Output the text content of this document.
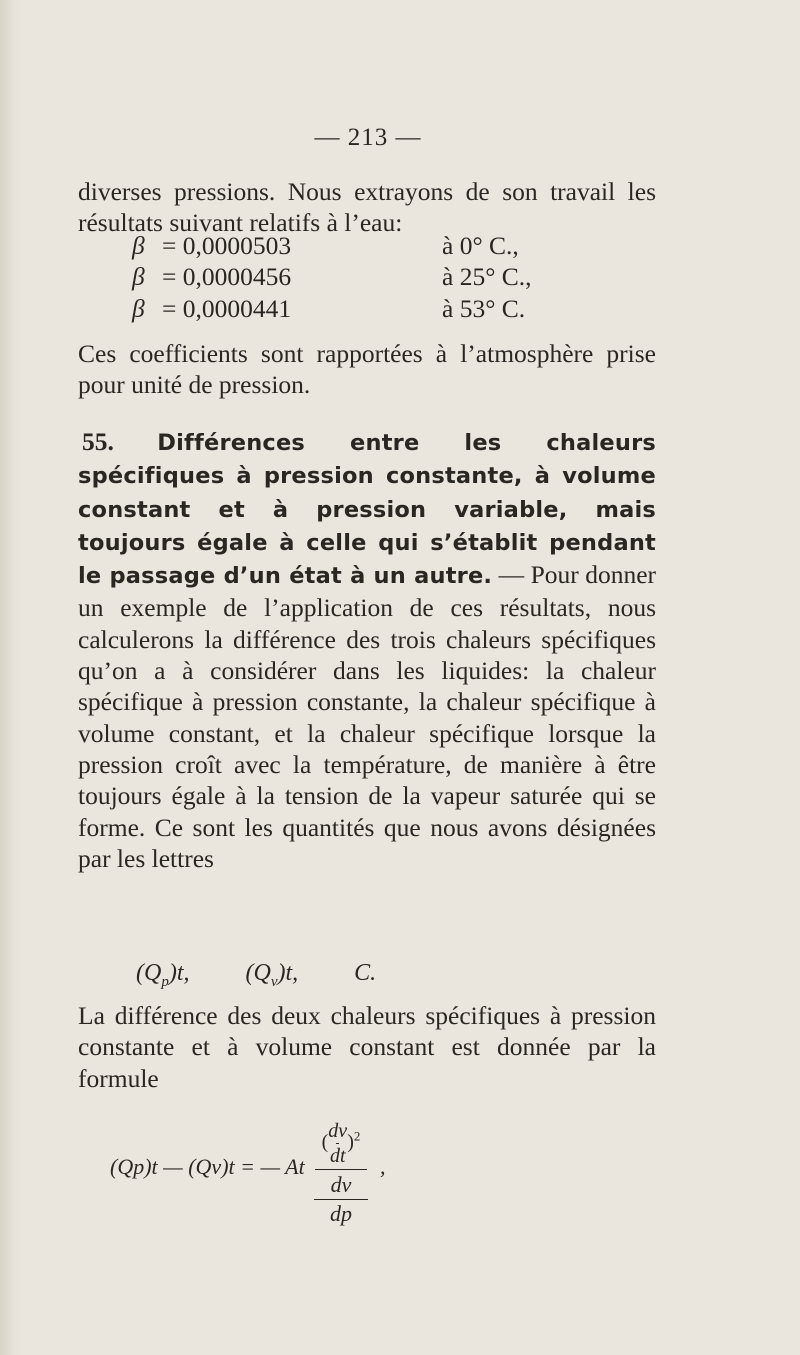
— 213 —
diverses pressions. Nous extrayons de son travail les résultats suivant relatifs à l’eau:
β = 0,0000503	à 0° C.,
β = 0,0000456	à 25° C.,
β = 0,0000441	à 53° C.
Ces coefficients sont rapportées à l’atmosphère prise pour unité de pression.
55. Différences entre les chaleurs spécifiques à pression constante, à volume constant et à pression variable, mais toujours égale à celle qui s’établit pendant le passage d’un état à un autre. — Pour donner un exemple de l’application de ces résultats, nous calculerons la différence des trois chaleurs spécifiques qu’on a à considérer dans les liquides: la chaleur spécifique à pression constante, la chaleur spécifique à volume constant, et la chaleur spécifique lorsque la pression croît avec la température, de manière à être toujours égale à la tension de la vapeur saturée qui se forme. Ce sont les quantités que nous avons désignées par les lettres
$(Q_p)t$, $(Q_v)t$, C.
La différence des deux chaleurs spécifiques à pression constante et à volume constant est donnée par la formule
(Qp)t — (Qv)t = — At
( $\frac{dv}{dt} )^2$
dv
dp
,
